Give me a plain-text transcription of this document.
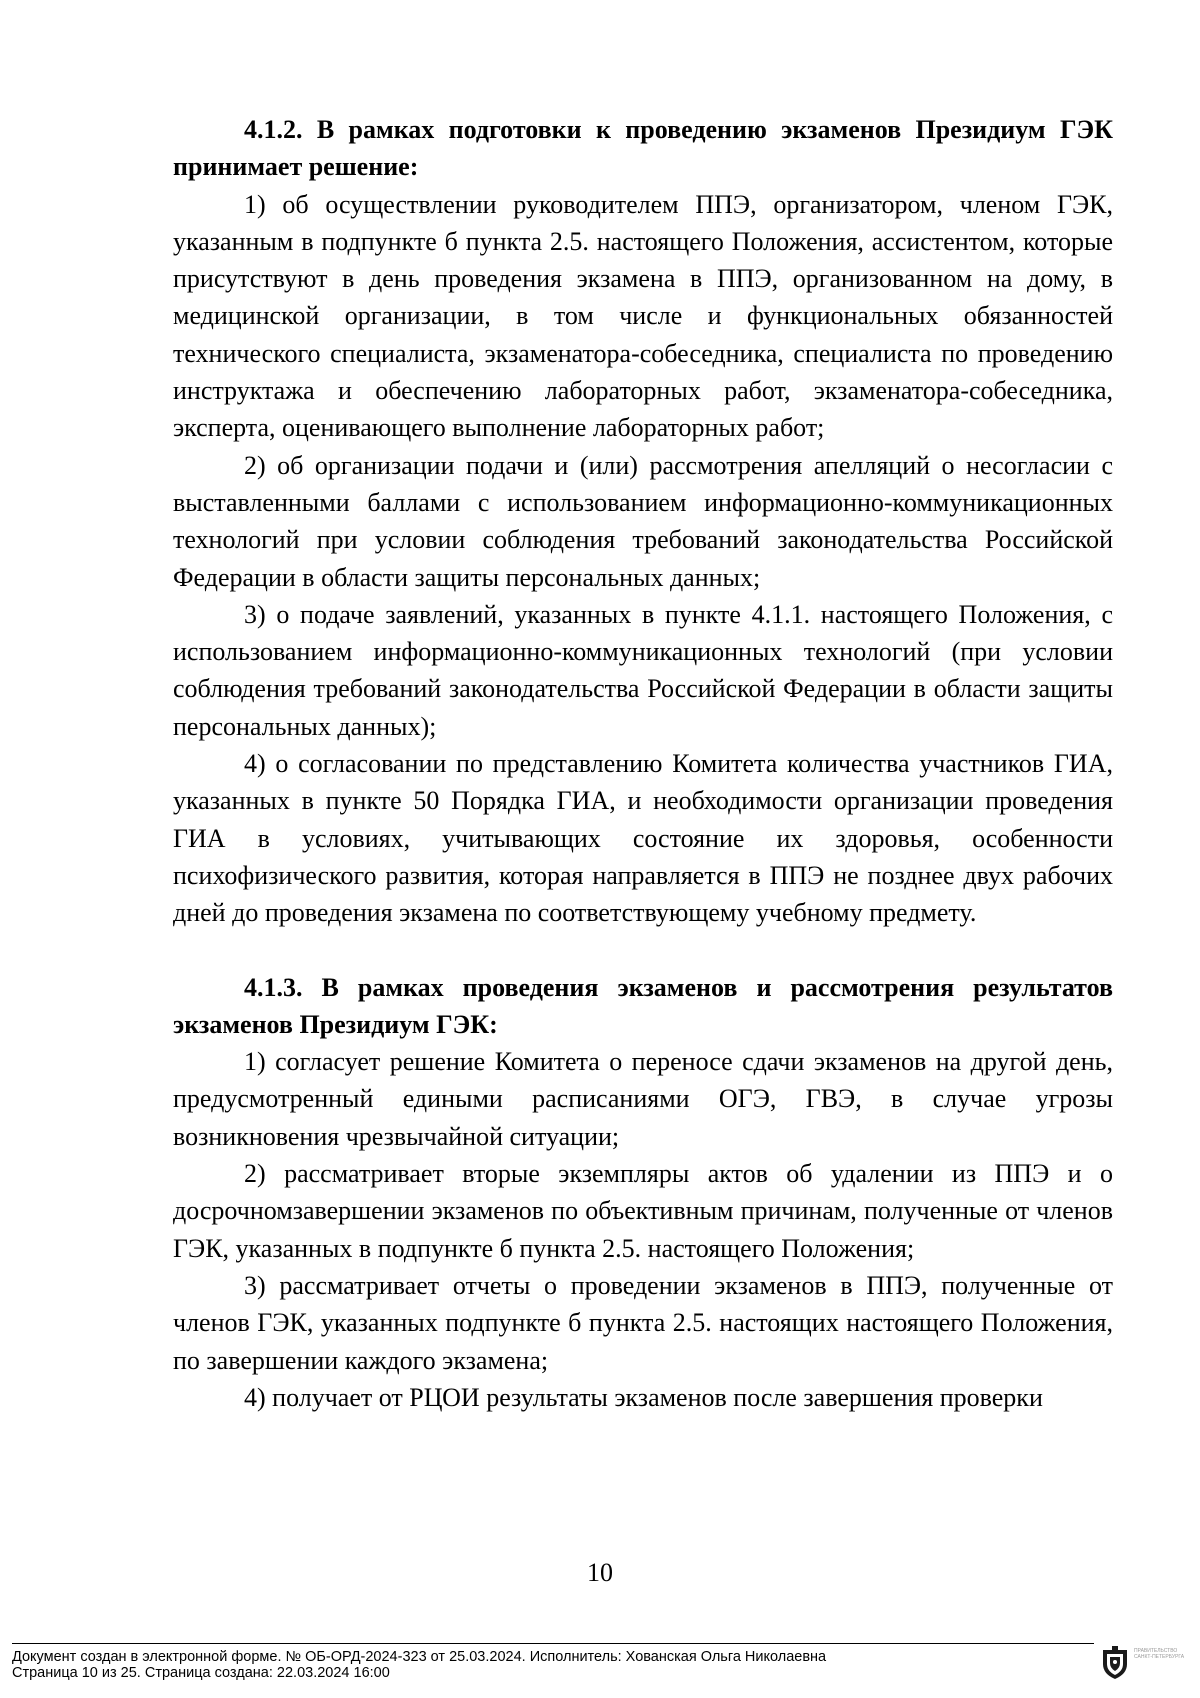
4.1.2. В рамках подготовки к проведению экзаменов Президиум ГЭК принимает решение:

1) об осуществлении руководителем ППЭ, организатором, членом ГЭК, указанным в подпункте б пункта 2.5. настоящего Положения, ассистентом, которые присутствуют в день проведения экзамена в ППЭ, организованном на дому, в медицинской организации, в том числе и функциональных обязанностей технического специалиста, экзаменатора-собеседника, специалиста по проведению инструктажа и обеспечению лабораторных работ, экзаменатора-собеседника, эксперта, оценивающего выполнение лабораторных работ;

2) об организации подачи и (или) рассмотрения апелляций о несогласии с выставленными баллами с использованием информационно-коммуникационных технологий при условии соблюдения требований законодательства Российской Федерации в области защиты персональных данных;

3) о подаче заявлений, указанных в пункте 4.1.1. настоящего Положения, с использованием информационно-коммуникационных технологий (при условии соблюдения требований законодательства Российской Федерации в области защиты персональных данных);

4) о согласовании по представлению Комитета количества участников ГИА, указанных в пункте 50 Порядка ГИА, и необходимости организации проведения ГИА в условиях, учитывающих состояние их здоровья, особенности психофизического развития, которая направляется в ППЭ не позднее двух рабочих дней до проведения экзамена по соответствующему учебному предмету.

4.1.3. В рамках проведения экзаменов и рассмотрения результатов экзаменов Президиум ГЭК:

1) согласует решение Комитета о переносе сдачи экзаменов на другой день, предусмотренный едиными расписаниями ОГЭ, ГВЭ, в случае угрозы возникновения чрезвычайной ситуации;

2) рассматривает вторые экземпляры актов об удалении из ППЭ и о досрочномзавершении экзаменов по объективным причинам, полученные от членов ГЭК, указанных в подпункте б пункта 2.5. настоящего Положения;

3) рассматривает отчеты о проведении экзаменов в ППЭ, полученные от членов ГЭК, указанных подпункте б пункта 2.5. настоящих настоящего Положения, по завершении каждого экзамена;

4) получает от РЦОИ результаты экзаменов после завершения проверки

10
Документ создан в электронной форме. № ОБ-ОРД-2024-323 от 25.03.2024. Исполнитель: Хованская Ольга Николаевна
Страница 10 из 25. Страница создана: 22.03.2024 16:00
ПРАВИТЕЛЬСТВО САНКТ-ПЕТЕРБУРГА
